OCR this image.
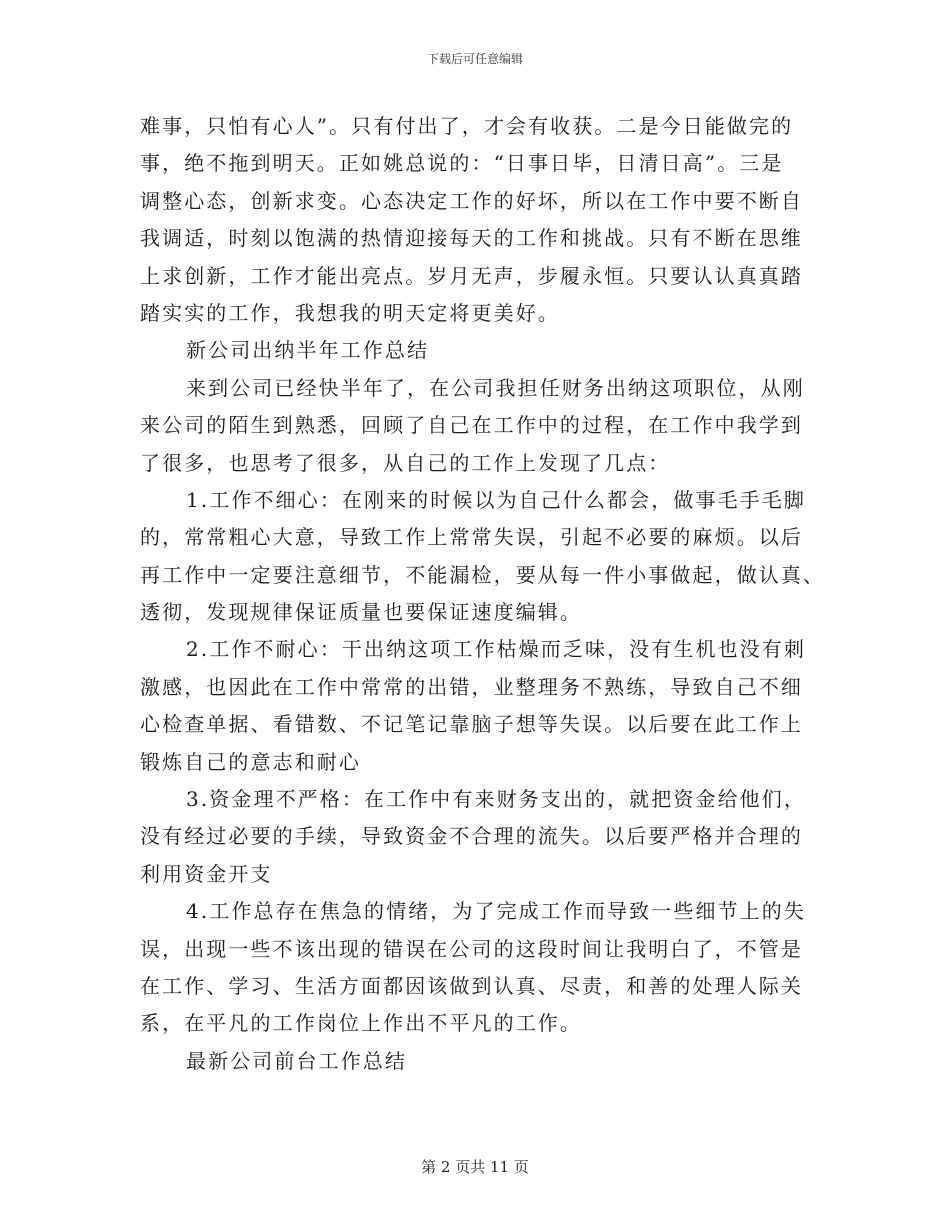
下载后可任意编辑
难事，只怕有心人”。只有付出了，才会有收获。二是今日能做完的
事，绝不拖到明天。正如姚总说的：“日事日毕，日清日高”。三是
调整心态，创新求变。心态决定工作的好坏，所以在工作中要不断自
我调适，时刻以饱满的热情迎接每天的工作和挑战。只有不断在思维
上求创新，工作才能出亮点。岁月无声，步履永恒。只要认认真真踏
踏实实的工作，我想我的明天定将更美好。
新公司出纳半年工作总结
来到公司已经快半年了，在公司我担任财务出纳这项职位，从刚
来公司的陌生到熟悉，回顾了自己在工作中的过程，在工作中我学到
了很多，也思考了很多，从自己的工作上发现了几点：
1.工作不细心：在刚来的时候以为自己什么都会，做事毛手毛脚
的，常常粗心大意，导致工作上常常失误，引起不必要的麻烦。以后
再工作中一定要注意细节，不能漏检，要从每一件小事做起，做认真、
透彻，发现规律保证质量也要保证速度编辑。
2.工作不耐心：干出纳这项工作枯燥而乏味，没有生机也没有刺
激感，也因此在工作中常常的出错，业整理务不熟练，导致自己不细
心检查单据、看错数、不记笔记靠脑子想等失误。以后要在此工作上
锻炼自己的意志和耐心
3.资金理不严格：在工作中有来财务支出的，就把资金给他们，
没有经过必要的手续，导致资金不合理的流失。以后要严格并合理的
利用资金开支
4.工作总存在焦急的情绪，为了完成工作而导致一些细节上的失
误，出现一些不该出现的错误在公司的这段时间让我明白了，不管是
在工作、学习、生活方面都因该做到认真、尽责，和善的处理人际关
系，在平凡的工作岗位上作出不平凡的工作。
最新公司前台工作总结
第 2 页共 11 页
